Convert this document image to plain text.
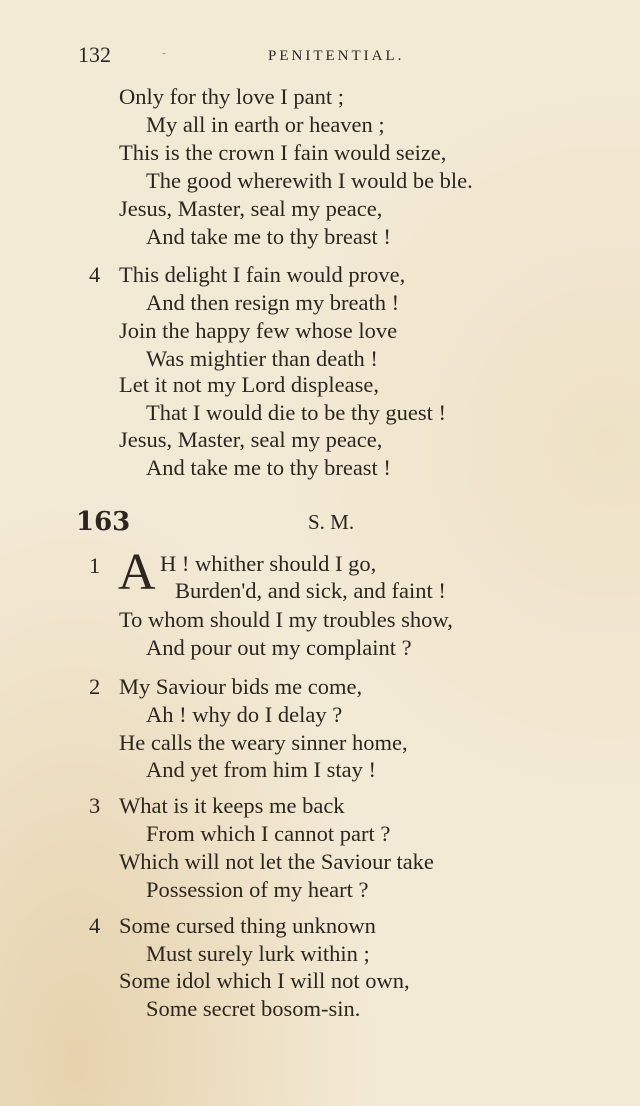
132	-	PENITENTIAL.
Only for thy love I pant ;
My all in earth or heaven ;
This is the crown I fain would seize,
The good wherewith I would be ble.
Jesus, Master, seal my peace,
And take me to thy breast !
4 This delight I fain would prove,
And then resign my breath !
Join the happy few whose love
Was mightier than death !
Let it not my Lord displease,
That I would die to be thy guest !
Jesus, Master, seal my peace,
And take me to thy breast !
163	S. M.
1 A H ! whither should I go,
Burden'd, and sick, and faint !
To whom should I my troubles show,
And pour out my complaint ?
2 My Saviour bids me come,
Ah ! why do I delay ?
He calls the weary sinner home,
And yet from him I stay !
3 What is it keeps me back
From which I cannot part ?
Which will not let the Saviour take
Possession of my heart ?
4 Some cursed thing unknown
Must surely lurk within ;
Some idol which I will not own,
Some secret bosom-sin.
